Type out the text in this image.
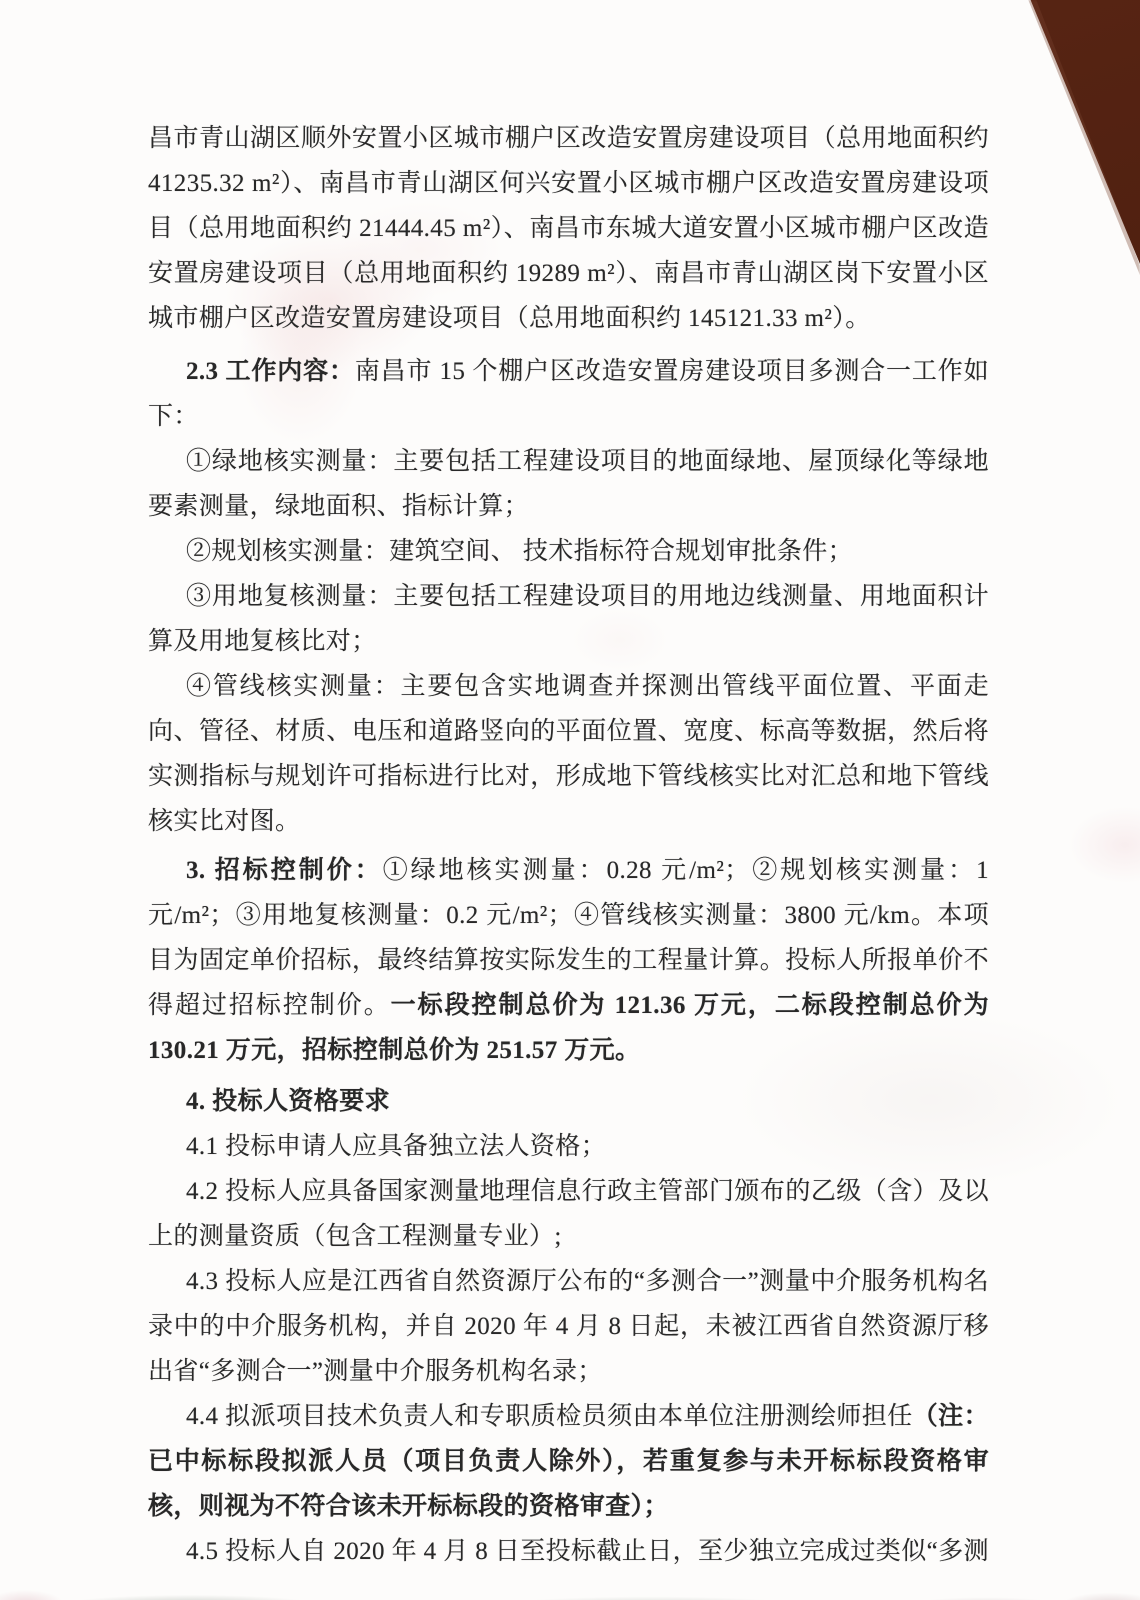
昌市青山湖区顺外安置小区城市棚户区改造安置房建设项目（总用地面积约 41235.32 m²）、南昌市青山湖区何兴安置小区城市棚户区改造安置房建设项目（总用地面积约 21444.45 m²）、南昌市东城大道安置小区城市棚户区改造安置房建设项目（总用地面积约 19289 m²）、南昌市青山湖区岗下安置小区城市棚户区改造安置房建设项目（总用地面积约 145121.33 m²）。

2.3 工作内容：南昌市 15 个棚户区改造安置房建设项目多测合一工作如下：

①绿地核实测量：主要包括工程建设项目的地面绿地、屋顶绿化等绿地要素测量，绿地面积、指标计算；

②规划核实测量：建筑空间、 技术指标符合规划审批条件；

③用地复核测量：主要包括工程建设项目的用地边线测量、用地面积计算及用地复核比对；

④管线核实测量：主要包含实地调查并探测出管线平面位置、平面走向、管径、材质、电压和道路竖向的平面位置、宽度、标高等数据，然后将实测指标与规划许可指标进行比对，形成地下管线核实比对汇总和地下管线核实比对图。

3. 招标控制价：①绿地核实测量：0.28 元/m²；②规划核实测量：1 元/m²；③用地复核测量：0.2 元/m²；④管线核实测量：3800 元/km。本项目为固定单价招标，最终结算按实际发生的工程量计算。投标人所报单价不得超过招标控制价。一标段控制总价为 121.36 万元，二标段控制总价为 130.21 万元，招标控制总价为 251.57 万元。

4. 投标人资格要求

4.1 投标申请人应具备独立法人资格；

4.2 投标人应具备国家测量地理信息行政主管部门颁布的乙级（含）及以上的测量资质（包含工程测量专业）;

4.3 投标人应是江西省自然资源厅公布的“多测合一”测量中介服务机构名录中的中介服务机构，并自 2020 年 4 月 8 日起，未被江西省自然资源厅移出省“多测合一”测量中介服务机构名录；

4.4 拟派项目技术负责人和专职质检员须由本单位注册测绘师担任（注：已中标标段拟派人员（项目负责人除外），若重复参与未开标标段资格审核，则视为不符合该未开标标段的资格审查）；

4.5 投标人自 2020 年 4 月 8 日至投标截止日，至少独立完成过类似“多测
